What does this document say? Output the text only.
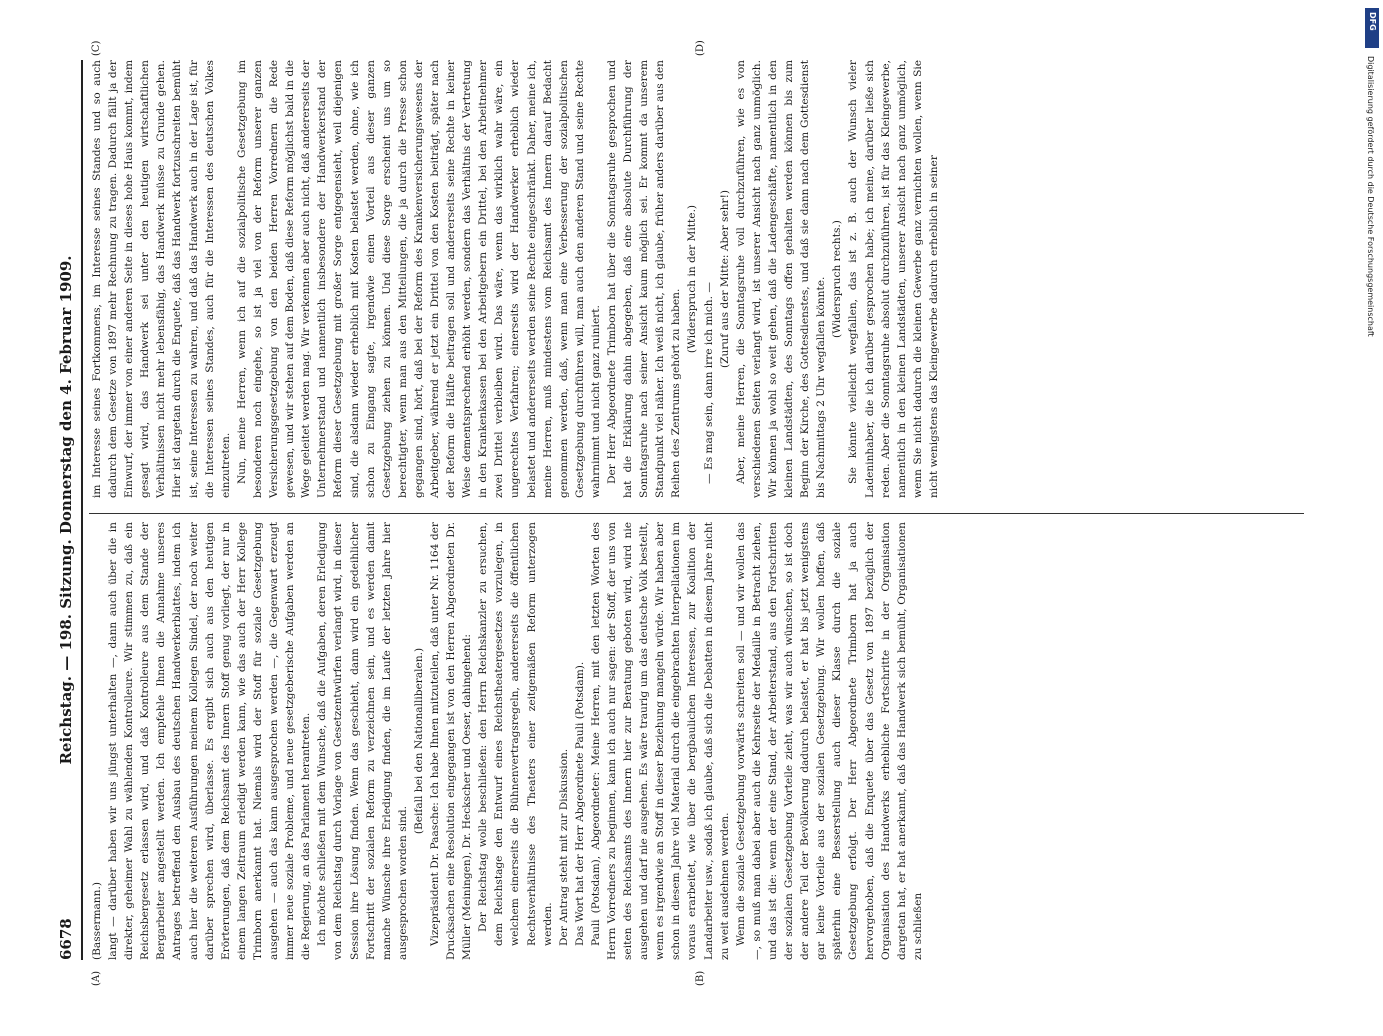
6678
Reichstag. — 198. Sitzung. Donnerstag den 4. Februar 1909.
(A)	(B)
(C)	(D)

(Bassermann.) langt — darüber haben wir uns jüngst unterhalten —, dann auch über die in direkter, geheimer Wahl zu wählenden Kontrolleure. Wir stimmen zu, daß ein Reichsbergesetz erlassen wird, und daß Kontrolleure aus dem Stande der Bergarbeiter angestellt werden. Ich empfehle Ihnen die Annahme unseres Antrages betreffend den Ausbau des deutschen Handwerkerblattes, indem ich auch hier die weiteren Ausführungen meinem Kollegen Sindel, der noch weiter darüber sprechen wird, überlasse. Es ergibt sich auch aus den heutigen Erörterungen, daß dem Reichsamt des Innern Stoff genug vorliegt, der nur in einem langen Zeitraum erledigt werden kann, wie das auch der Herr Kollege Trimborn anerkannt hat. Niemals wird der Stoff für soziale Gesetzgebung ausgehen — auch das kann ausgesprochen werden —, die Gegenwart erzeugt immer neue soziale Probleme, und neue gesetzgeberische Aufgaben werden an die Regierung, an das Parlament herantreten. Ich möchte schließen mit dem Wunsche, daß die Aufgaben, deren Erledigung von dem Reichstag durch Vorlage von Gesetzentwürfen verlangt wird, in dieser Session ihre Lösung finden. Wenn das geschieht, dann wird ein gedeihlicher Fortschritt der sozialen Reform zu verzeichnen sein, und es werden damit manche Wünsche ihre Erledigung finden, die im Laufe der letzten Jahre hier ausgesprochen worden sind.

(Beifall bei den Nationalliberalen.) Vizepräsident Dr. Paasche: Ich habe Ihnen mitzuteilen, daß unter Nr. 1164 der Drucksachen eine Resolution eingegangen ist von den Herren Abgeordneten Dr. Müller (Meiningen), Dr. Heckscher und Oeser, dahingehend: Der Reichstag wolle beschließen: den Herrn Reichskanzler zu ersuchen, dem Reichstage den Entwurf eines Reichstheatergesetzes vorzulegen, in welchem einerseits die Bühnenvertragsregeln, andererseits die öffentlichen Rechtsverhältnisse des Theaters einer zeitgemäßen Reform unterzogen werden. Der Antrag steht mit zur Diskussion. Das Wort hat der Herr Abgeordnete Pauli (Potsdam). Pauli (Potsdam), Abgeordneter: Meine Herren, mit den letzten Worten des Herrn Vorredners zu beginnen, kann ich auch nur sagen: der Stoff, der uns von seiten des Reichsamts des Innern hier zur Beratung geboten wird, wird nie ausgehen und darf nie ausgehen. Es wäre traurig um das deutsche Volk bestellt, wenn es irgendwie an Stoff in dieser Beziehung mangeln würde. Wir haben aber schon in diesem Jahre viel Material durch die eingebrachten Interpellationen im voraus erarbeitet, wie über die bergbaulichen Interessen, zur Koalition der Landarbeiter usw., sodaß ich glaube, daß sich die Debatten in diesem Jahre nicht zu weit ausdehnen werden. Wenn die soziale Gesetzgebung vorwärts schreiten soll — und wir wollen das —, so muß man dabei aber auch die Kehrseite der Medaille in Betracht ziehen, und das ist die: wenn der eine Stand, der Arbeiterstand, aus den Fortschritten der sozialen Gesetzgebung Vorteile zieht, was wir auch wünschen, so ist doch der andere Teil der Bevölkerung dadurch belastet, er hat bis jetzt wenigstens gar keine Vorteile aus der sozialen Gesetzgebung. Wir wollen hoffen, daß späterhin eine Besserstellung auch dieser Klasse durch die soziale Gesetzgebung erfolgt. Der Herr Abgeordnete Trimborn hat ja auch hervorgehoben, daß die Enquete über das Gesetz von 1897 bezüglich der Organisation des Handwerks erhebliche Fortschritte in der Organisation dargetan hat, er hat anerkannt, daß das Handwerk sich bemüht, Organisationen zu schließen

im Interesse seines Fortkommens, im Interesse seines Standes und so auch dadurch dem Gesetze von 1897 mehr Rechnung zu tragen. Dadurch fällt ja der Einwurf, der immer von einer anderen Seite in dieses hohe Haus kommt, indem gesagt wird, das Handwerk sei unter den heutigen wirtschaftlichen Verhältnissen nicht mehr lebensfähig, das Handwerk müsse zu Grunde gehen. Hier ist dargetan durch die Enquete, daß das Handwerk fortzuschreiten bemüht ist, seine Interessen zu wahren, und daß das Handwerk auch in der Lage ist, für die Interessen seines Standes, auch für die Interessen des deutschen Volkes einzutreten. Nun, meine Herren, wenn ich auf die sozialpolitische Gesetzgebung im besonderen noch eingehe, so ist ja viel von der Reform unserer ganzen Versicherungsgesetzgebung von den beiden Herren Vorrednern die Rede gewesen, und wir stehen auf dem Boden, daß diese Reform möglichst bald in die Wege geleitet werden mag. Wir verkennen aber auch nicht, daß andererseits der Unternehmerstand und namentlich insbesondere der Handwerkerstand der Reform dieser Gesetzgebung mit großer Sorge entgegensieht, weil diejenigen sind, die alsdann wieder erheblich mit Kosten belastet werden, ohne, wie ich schon zu Eingang sagte, irgendwie einen Vorteil aus dieser ganzen Gesetzgebung ziehen zu können. Und diese Sorge erscheint uns um so berechtigter, wenn man aus den Mitteilungen, die ja durch die Presse schon gegangen sind, hört, daß bei der Reform des Krankenversicherungswesens der Arbeitgeber, während er jetzt ein Drittel von den Kosten beiträgt, später nach der Reform die Hälfte beitragen soll und andererseits seine Rechte in keiner Weise dementsprechend erhöht werden, sondern das Verhältnis der Vertretung in den Krankenkassen bei den Arbeitgebern ein Drittel, bei den Arbeitnehmer zwei Drittel verbleiben wird. Das wäre, wenn das wirklich wahr wäre, ein ungerechtes Verfahren; einerseits wird der Handwerker erheblich wieder belastet und andererseits werden seine Rechte eingeschränkt. Daher, meine ich, meine Herren, muß mindestens vom Reichsamt des Innern darauf Bedacht genommen werden, daß, wenn man eine Verbesserung der sozialpolitischen Gesetzgebung durchführen will, man auch den anderen Stand und seine Rechte wahrnimmt und nicht ganz ruiniert. Der Herr Abgeordnete Trimborn hat über die Sonntagsruhe gesprochen und hat die Erklärung dahin abgegeben, daß eine absolute Durchführung der Sonntagsruhe nach seiner Ansicht kaum möglich sei. Er kommt da unserem Standpunkt viel näher. Ich weiß nicht, ich glaube, früher anders darüber aus den Reihen des Zentrums gehört zu haben.

(Widerspruch in der Mitte.)

— Es mag sein, dann irre ich mich. —

(Zuruf aus der Mitte: Aber sehr!) Aber, meine Herren, die Sonntagsruhe voll durchzuführen, wie es von verschiedenen Seiten verlangt wird, ist unserer Ansicht nach ganz unmöglich. Wir können ja wohl so weit gehen, daß die Ladengeschäfte, namentlich in den kleinen Landstädten, des Sonntags offen gehalten werden können bis zum Beginn der Kirche, des Gottesdienstes, und daß sie dann nach dem Gottesdienst bis Nachmittags 2 Uhr wegfallen könnte. (Widerspruch rechts.) Sie könnte vielleicht wegfallen, das ist z. B. auch der Wunsch vieler Ladeninhaber, die ich darüber gesprochen habe; ich meine, darüber ließe sich reden. Aber die Sonntagsruhe absolut durchzuführen, ist für das Kleingewerbe, namentlich in den kleinen Landstädten, unserer Ansicht nach ganz unmöglich, wenn Sie nicht dadurch die kleinen Gewerbe ganz vernichten wollen, wenn Sie nicht wenigstens das Kleingewerbe dadurch erheblich in seiner

DFG
Digitalisierung gefördert durch die Deutsche Forschungsgemeinschaft
